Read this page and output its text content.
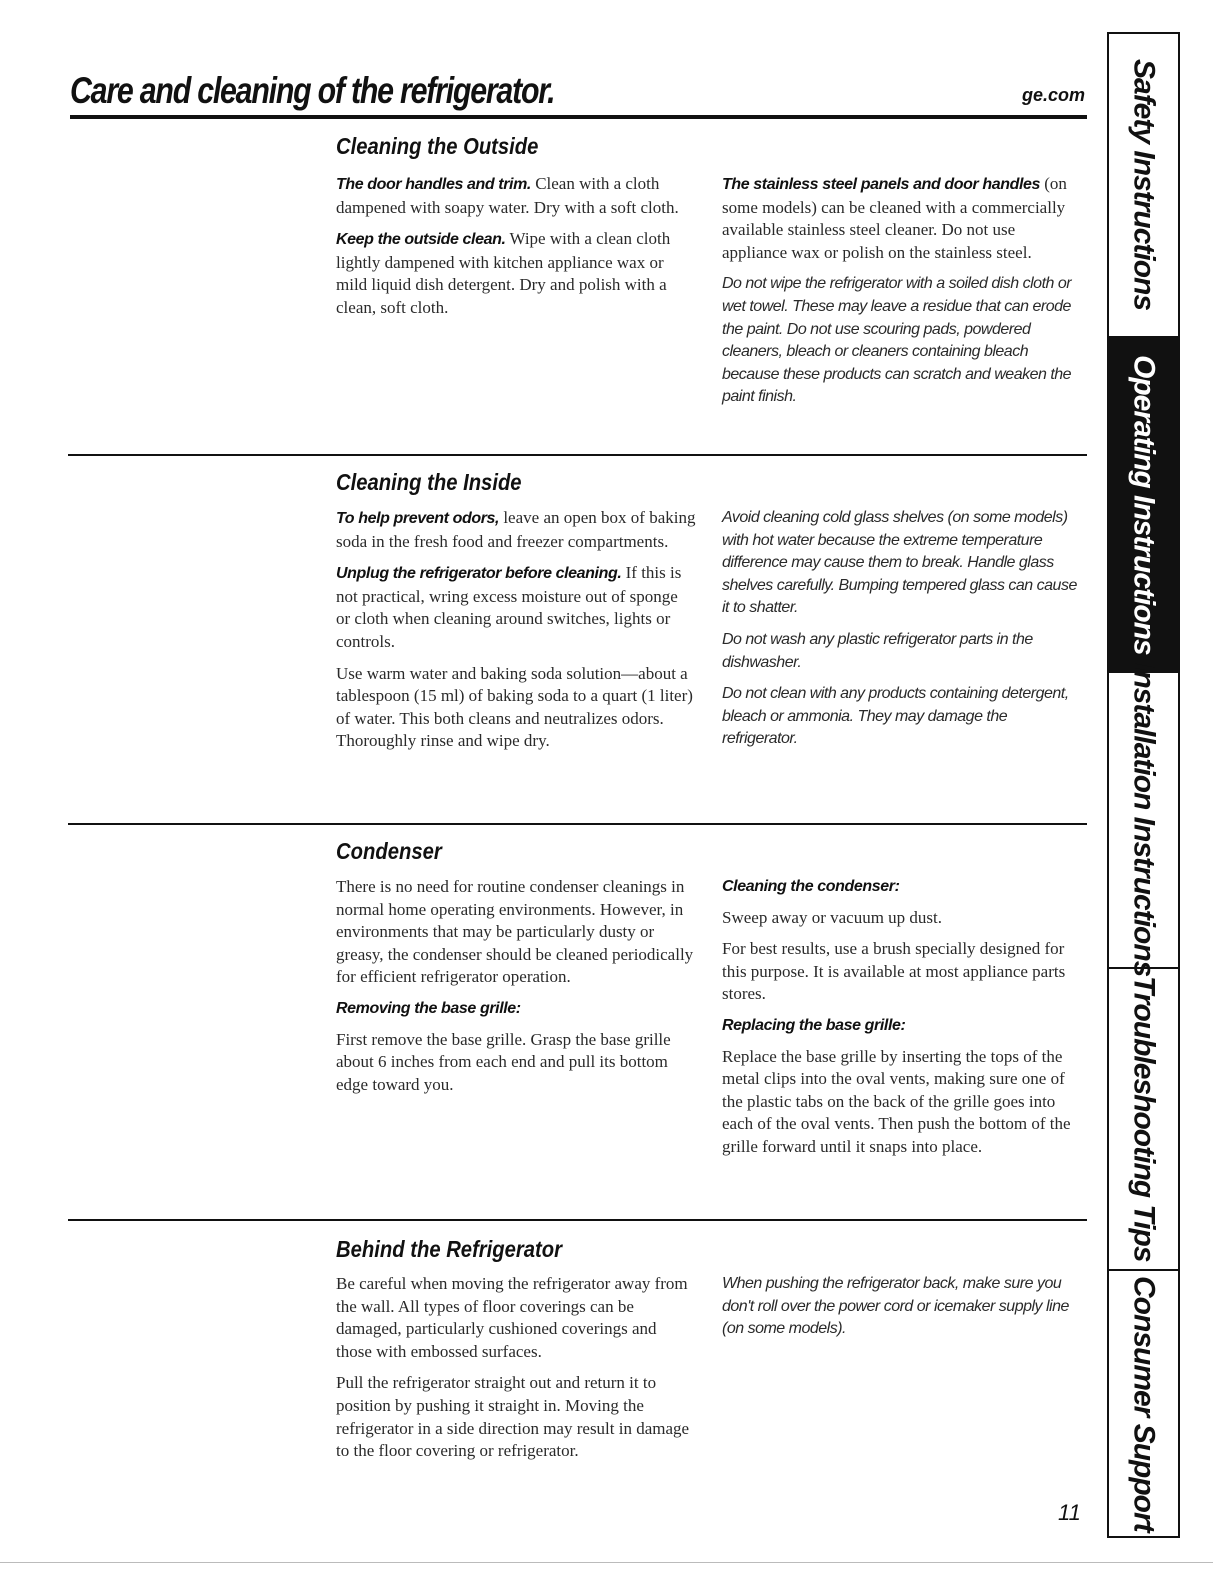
Care and cleaning of the refrigerator.	ge.com
Cleaning the Outside

The door handles and trim. Clean with a cloth dampened with soapy water. Dry with a soft cloth.

Keep the outside clean. Wipe with a clean cloth lightly dampened with kitchen appliance wax or mild liquid dish detergent. Dry and polish with a clean, soft cloth.

The stainless steel panels and door handles (on some models) can be cleaned with a commercially available stainless steel cleaner. Do not use appliance wax or polish on the stainless steel.

Do not wipe the refrigerator with a soiled dish cloth or wet towel. These may leave a residue that can erode the paint. Do not use scouring pads, powdered cleaners, bleach or cleaners containing bleach because these products can scratch and weaken the paint finish.

Cleaning the Inside

To help prevent odors, leave an open box of baking soda in the fresh food and freezer compartments.

Unplug the refrigerator before cleaning. If this is not practical, wring excess moisture out of sponge or cloth when cleaning around switches, lights or controls.

Use warm water and baking soda solution—about a tablespoon (15 ml) of baking soda to a quart (1 liter) of water. This both cleans and neutralizes odors. Thoroughly rinse and wipe dry.

Avoid cleaning cold glass shelves (on some models) with hot water because the extreme temperature difference may cause them to break. Handle glass shelves carefully. Bumping tempered glass can cause it to shatter.

Do not wash any plastic refrigerator parts in the dishwasher.

Do not clean with any products containing detergent, bleach or ammonia. They may damage the refrigerator.

Condenser

There is no need for routine condenser cleanings in normal home operating environments. However, in environments that may be particularly dusty or greasy, the condenser should be cleaned periodically for efficient refrigerator operation.

Removing the base grille:

First remove the base grille. Grasp the base grille about 6 inches from each end and pull its bottom edge toward you.

Cleaning the condenser:

Sweep away or vacuum up dust.

For best results, use a brush specially designed for this purpose. It is available at most appliance parts stores.

Replacing the base grille:

Replace the base grille by inserting the tops of the metal clips into the oval vents, making sure one of the plastic tabs on the back of the grille goes into each of the oval vents. Then push the bottom of the grille forward until it snaps into place.

Behind the Refrigerator

Be careful when moving the refrigerator away from the wall. All types of floor coverings can be damaged, particularly cushioned coverings and those with embossed surfaces.

Pull the refrigerator straight out and return it to position by pushing it straight in. Moving the refrigerator in a side direction may result in damage to the floor covering or refrigerator.

When pushing the refrigerator back, make sure you don't roll over the power cord or icemaker supply line (on some models).

11
Safety Instructions
Operating Instructions
Installation Instructions
Troubleshooting Tips
Consumer Support
